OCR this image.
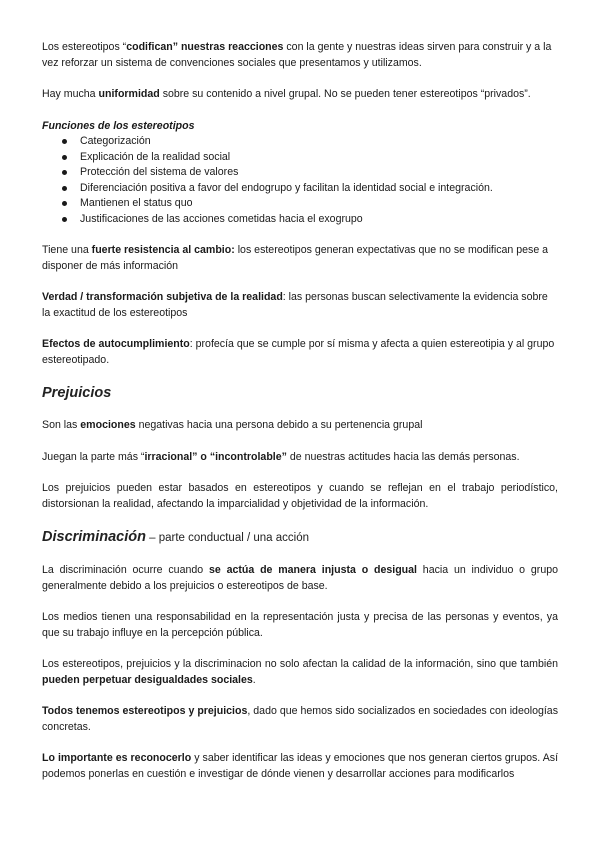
Los estereotipos “codifican” nuestras reacciones con la gente y nuestras ideas sirven para construir y a la vez reforzar un sistema de convenciones sociales que presentamos y utilizamos.

Hay mucha uniformidad sobre su contenido a nivel grupal. No se pueden tener estereotipos “privados”.

Funciones de los estereotipos

Categorización
Explicación de la realidad social
Protección del sistema de valores
Diferenciación positiva a favor del endogrupo y facilitan la identidad social e integración.
Mantienen el status quo
Justificaciones de las acciones cometidas hacia el exogrupo

Tiene una fuerte resistencia al cambio: los estereotipos generan expectativas que no se modifican pese a disponer de más información

Verdad / transformación subjetiva de la realidad: las personas buscan selectivamente la evidencia sobre la exactitud de los estereotipos

Efectos de autocumplimiento: profecía que se cumple por sí misma y afecta a quien estereotipia y al grupo estereotipado.

Prejuicios

Son las emociones negativas hacia una persona debido a su pertenencia grupal

Juegan la parte más “irracional” o “incontrolable” de nuestras actitudes hacia las demás personas.

Los prejuicios pueden estar basados en estereotipos y cuando se reflejan en el trabajo periodístico, distorsionan la realidad, afectando la imparcialidad y objetividad de la información.

Discriminación – parte conductual / una acción

La discriminación ocurre cuando se actúa de manera injusta o desigual hacia un individuo o grupo generalmente debido a los prejuicios o estereotipos de base.

Los medios tienen una responsabilidad en la representación justa y precisa de las personas y eventos, ya que su trabajo influye en la percepción pública.

Los estereotipos, prejuicios y la discriminacion no solo afectan la calidad de la información, sino que también pueden perpetuar desigualdades sociales.

Todos tenemos estereotipos y prejuicios, dado que hemos sido socializados en sociedades con ideologías concretas.

Lo importante es reconocerlo y saber identificar las ideas y emociones que nos generan ciertos grupos. Así podemos ponerlas en cuestión e investigar de dónde vienen y desarrollar acciones para modificarlos
